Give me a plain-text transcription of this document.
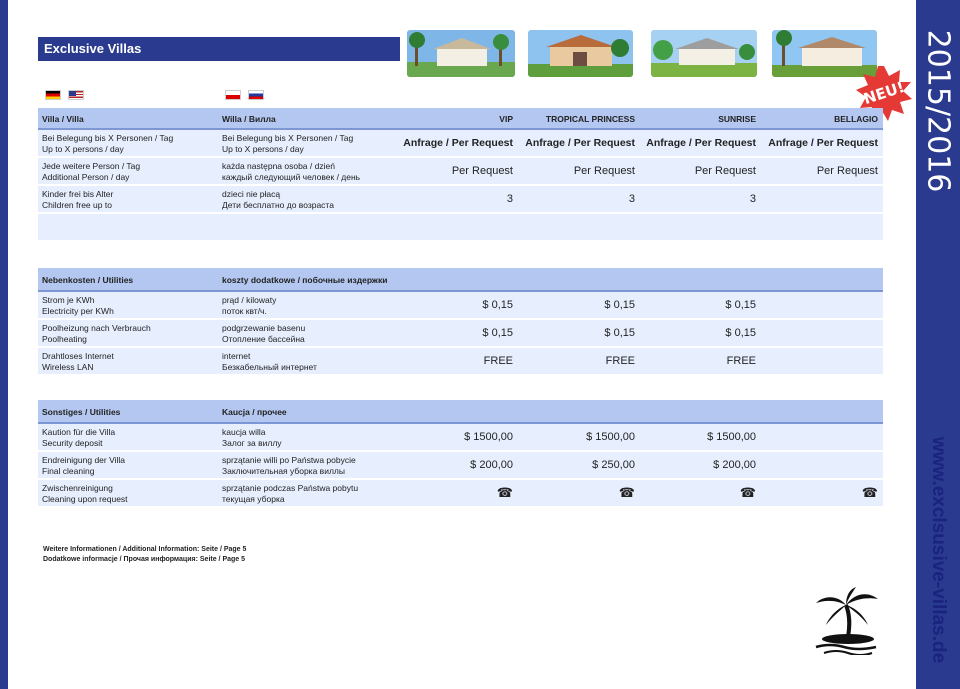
2015/2016
www.exclsusive-villas.de
Exclusive Villas
NEU!
Villa / Villa	Willa / Вилла	VIP	TROPICAL PRINCESS	SUNRISE	BELLAGIO
Bei Belegung bis X Personen / Tag
Up to X persons / day
Bei Belegung bis X Personen / Tag
Up to X persons / day	Anfrage / Per Request	Anfrage / Per Request	Anfrage / Per Request	Anfrage / Per Request
Jede weitere Person / Tag
Additional Person / day
każda następna osoba / dzień
каждый следующий человек / день	Per Request	Per Request	Per Request	Per Request
Kinder frei bis Alter
Children free up to
dzieci nie płacą
Дети бесплатно до возраста	3	3	3
Nebenkosten / Utilities	koszty dodatkowe / побочные издержки
Strom je KWh
Electricity per KWh
prąd / kilowaty
поток квт/ч.	$ 0,15	$ 0,15	$ 0,15
Poolheizung nach Verbrauch
Poolheating
podgrzewanie basenu
Отопление бассейна	$ 0,15	$ 0,15	$ 0,15
Drahtloses Internet
Wireless LAN
internet
Безкабельный интернет	FREE	FREE	FREE
Sonstiges / Utilities	Kaucja / прочее
Kaution für die Villa
Security deposit
kaucja willa
Залог за виллу	$ 1500,00	$ 1500,00	$ 1500,00
Endreinigung der Villa
Final cleaning
sprzątanie willi po Państwa pobycie
Заключительная уборка виллы	$ 200,00	$ 250,00	$ 200,00
Zwischenreinigung
Cleaning upon request
sprzątanie podczas Państwa pobytu
текущая уборка	☎	☎	☎	☎
Weitere Informationen / Additional Information: Seite / Page 5
Dodatkowe informacje / Прочая информация: Seite / Page 5
